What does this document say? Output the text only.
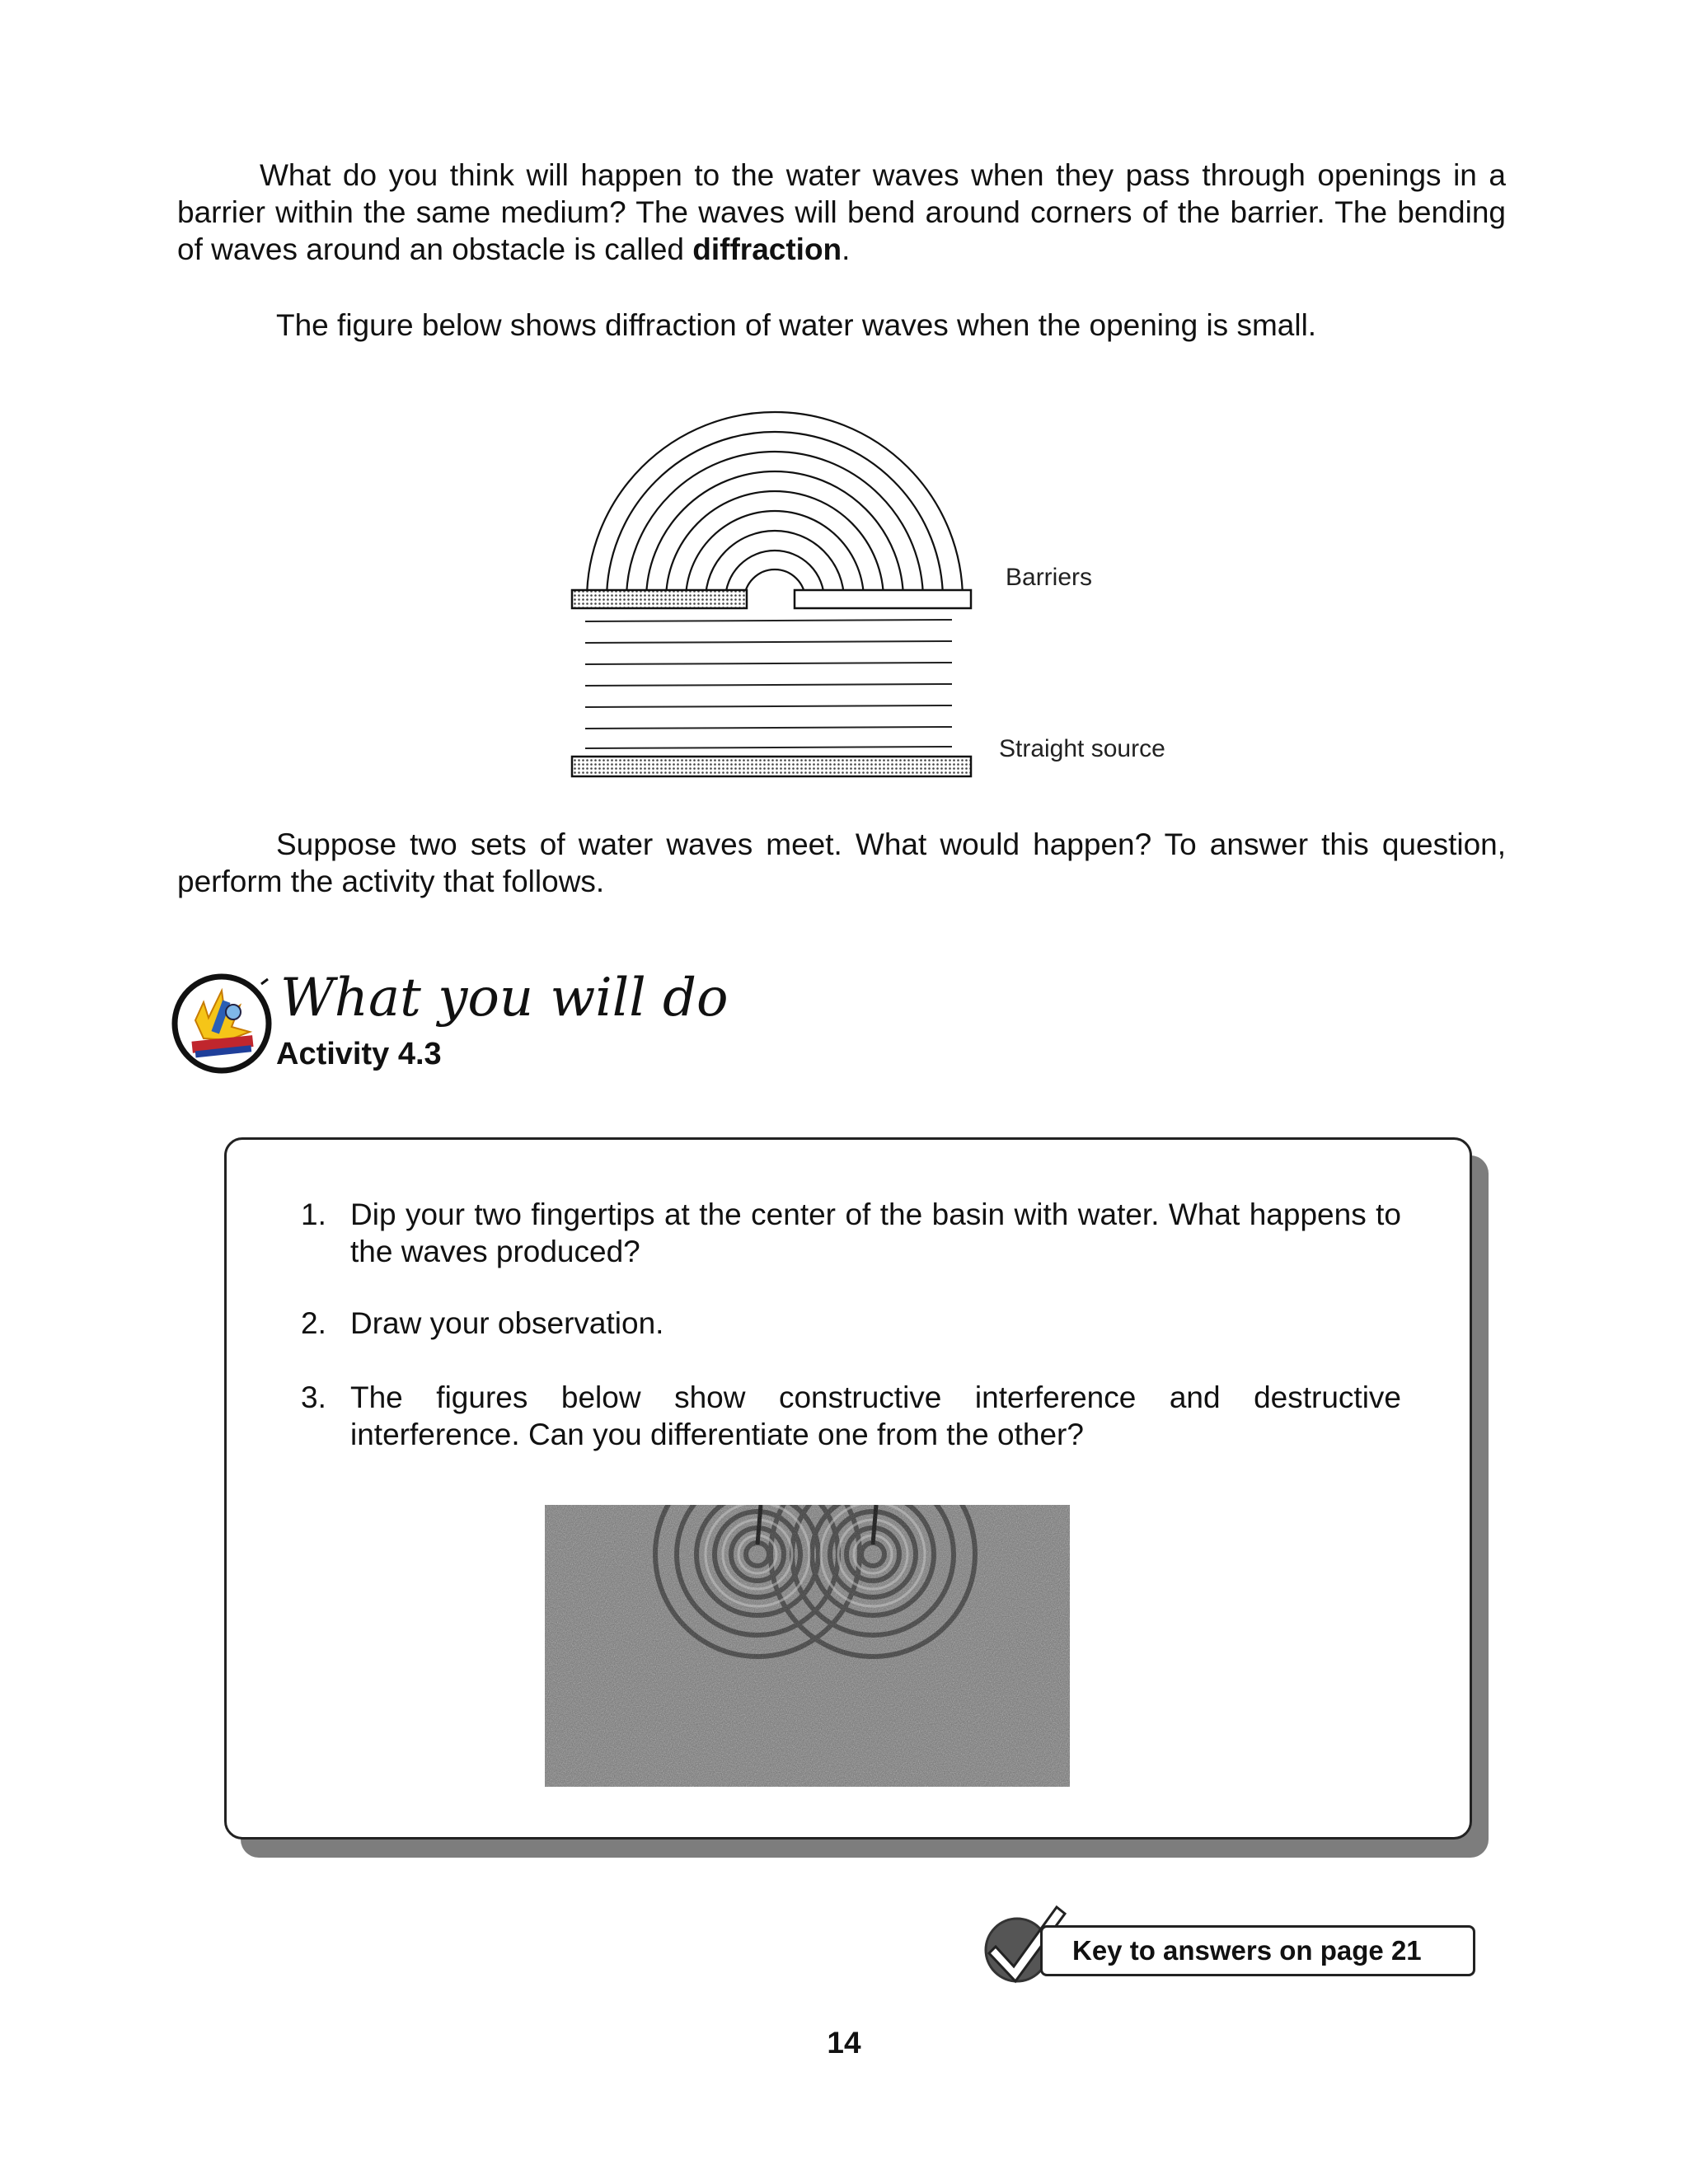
What do you think will happen to the water waves when they pass through openings in a barrier within the same medium? The waves will bend around corners of the barrier. The bending of waves around an obstacle is called diffraction.

The figure below shows diffraction of water waves when the opening is small.

Barriers
Straight source

Suppose two sets of water waves meet. What would happen? To answer this question, perform the activity that follows.

What you will do
Activity 4.3
1. Dip your two fingertips at the center of the basin with water. What happens to the waves produced?
2. Draw your observation.
3. The figures below show constructive interference and destructive interference. Can you differentiate one from the other?
Key to answers on page 21
14
